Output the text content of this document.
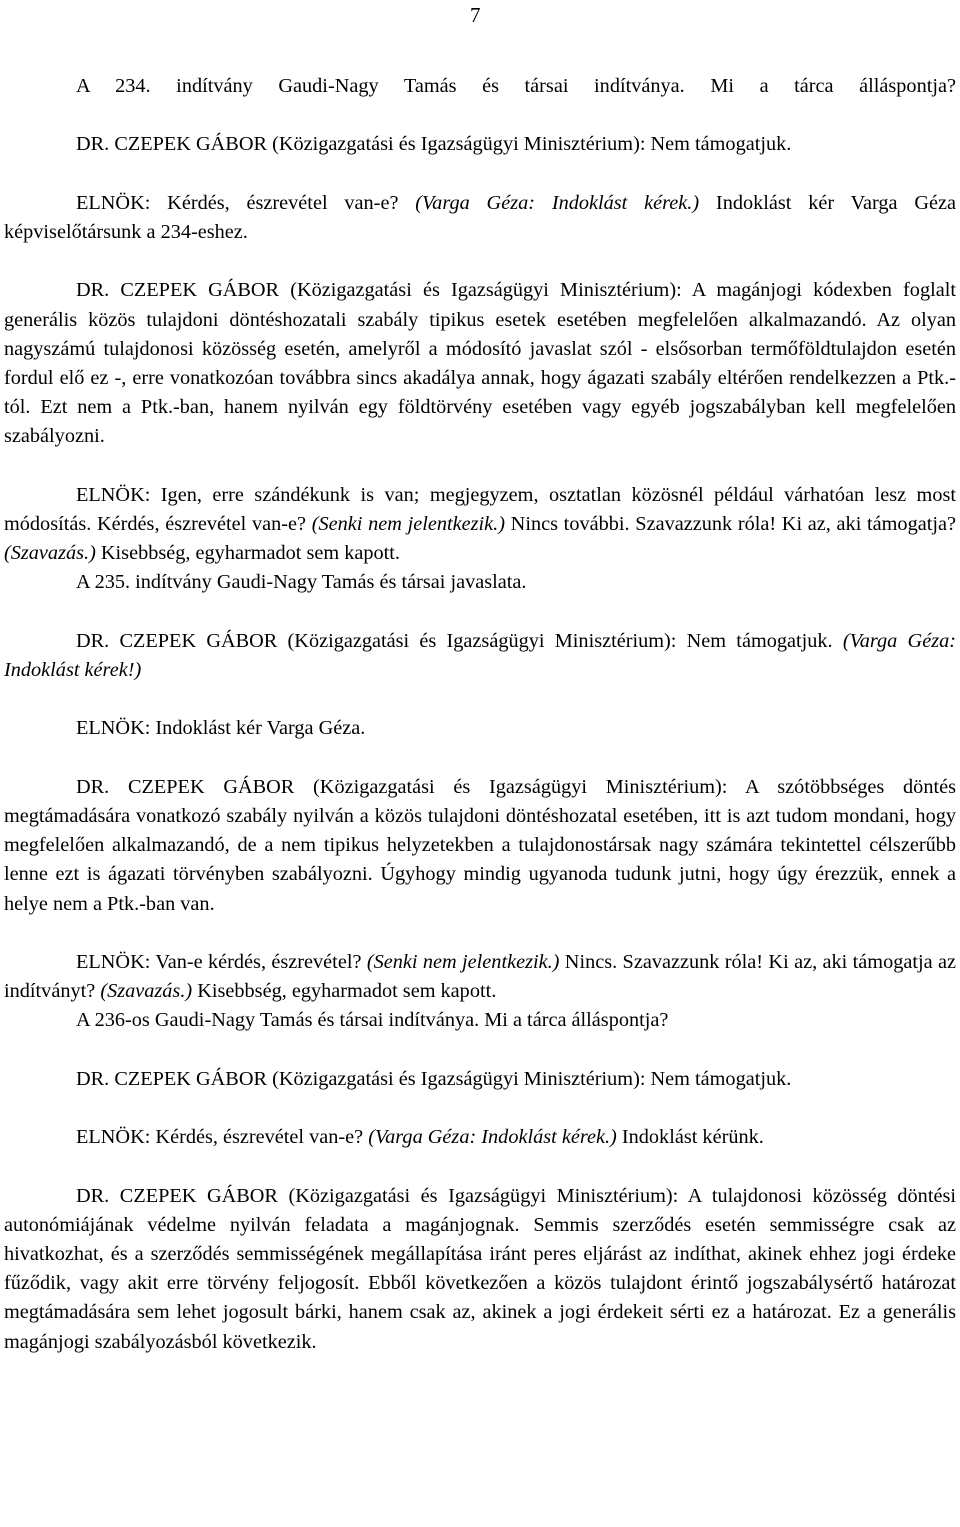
7

A 234. indítvány Gaudi-Nagy Tamás és társai indítványa. Mi a tárca álláspontja?

DR. CZEPEK GÁBOR (Közigazgatási és Igazságügyi Minisztérium): Nem támogatjuk.

ELNÖK: Kérdés, észrevétel van-e? (Varga Géza: Indoklást kérek.) Indoklást kér Varga Géza képviselőtársunk a 234-eshez.

DR. CZEPEK GÁBOR (Közigazgatási és Igazságügyi Minisztérium): A magánjogi kódexben foglalt generális közös tulajdoni döntéshozatali szabály tipikus esetek esetében megfelelően alkalmazandó. Az olyan nagyszámú tulajdonosi közösség esetén, amelyről a módosító javaslat szól - elsősorban termőföldtulajdon esetén fordul elő ez -, erre vonatkozóan továbbra sincs akadálya annak, hogy ágazati szabály eltérően rendelkezzen a Ptk.-tól. Ezt nem a Ptk.-ban, hanem nyilván egy földtörvény esetében vagy egyéb jogszabályban kell megfelelően szabályozni.

ELNÖK: Igen, erre szándékunk is van; megjegyzem, osztatlan közösnél például várhatóan lesz most módosítás. Kérdés, észrevétel van-e? (Senki nem jelentkezik.) Nincs további. Szavazzunk róla! Ki az, aki támogatja? (Szavazás.) Kisebbség, egyharmadot sem kapott.

A 235. indítvány Gaudi-Nagy Tamás és társai javaslata.

DR. CZEPEK GÁBOR (Közigazgatási és Igazságügyi Minisztérium): Nem támogatjuk. (Varga Géza: Indoklást kérek!)

ELNÖK: Indoklást kér Varga Géza.

DR. CZEPEK GÁBOR (Közigazgatási és Igazságügyi Minisztérium): A szótöbbséges döntés megtámadására vonatkozó szabály nyilván a közös tulajdoni döntéshozatal esetében, itt is azt tudom mondani, hogy megfelelően alkalmazandó, de a nem tipikus helyzetekben a tulajdonostársak nagy számára tekintettel célszerűbb lenne ezt is ágazati törvényben szabályozni. Úgyhogy mindig ugyanoda tudunk jutni, hogy úgy érezzük, ennek a helye nem a Ptk.-ban van.

ELNÖK: Van-e kérdés, észrevétel? (Senki nem jelentkezik.) Nincs. Szavazzunk róla! Ki az, aki támogatja az indítványt? (Szavazás.) Kisebbség, egyharmadot sem kapott.

A 236-os Gaudi-Nagy Tamás és társai indítványa. Mi a tárca álláspontja?

DR. CZEPEK GÁBOR (Közigazgatási és Igazságügyi Minisztérium): Nem támogatjuk.

ELNÖK: Kérdés, észrevétel van-e? (Varga Géza: Indoklást kérek.) Indoklást kérünk.

DR. CZEPEK GÁBOR (Közigazgatási és Igazságügyi Minisztérium): A tulajdonosi közösség döntési autonómiájának védelme nyilván feladata a magánjognak. Semmis szerződés esetén semmisségre csak az hivatkozhat, és a szerződés semmisségének megállapítása iránt peres eljárást az indíthat, akinek ehhez jogi érdeke fűződik, vagy akit erre törvény feljogosít. Ebből következően a közös tulajdont érintő jogszabálysértő határozat megtámadására sem lehet jogosult bárki, hanem csak az, akinek a jogi érdekeit sérti ez a határozat. Ez a generális magánjogi szabályozásból következik.
